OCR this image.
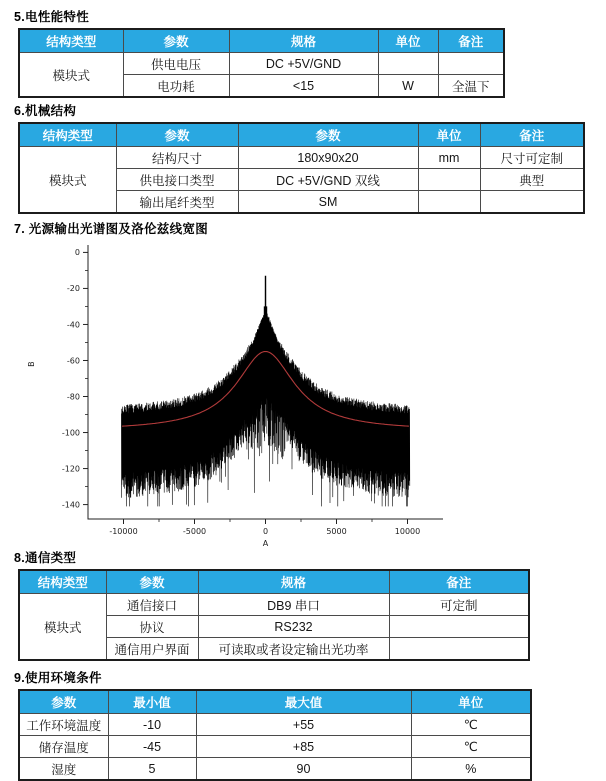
5.电性能特性

结构类型	参数	规格	单位	备注
模块式	供电电压	DC +5V/GND		
	电功耗	<15	W	全温下

6.机械结构

结构类型	参数	参数	单位	备注
模块式	结构尺寸	180x90x20	mm	尺寸可定制
	供电接口类型	DC +5V/GND 双线		典型
	输出尾纤类型	SM		

7. 光源输出光谱图及洛伦兹线宽图

0
-20
-40
-60
-80
-100
-120
-140
-10000	-5000	0	5000	10000
A
B

8.通信类型

结构类型	参数	规格	备注
模块式	通信接口	DB9 串口	可定制
	协议	RS232	
	通信用户界面	可读取或者设定输出光功率	

9.使用环境条件

参数	最小值	最大值	单位
工作环境温度	-10	+55	℃
储存温度	-45	+85	℃
湿度	5	90	%
